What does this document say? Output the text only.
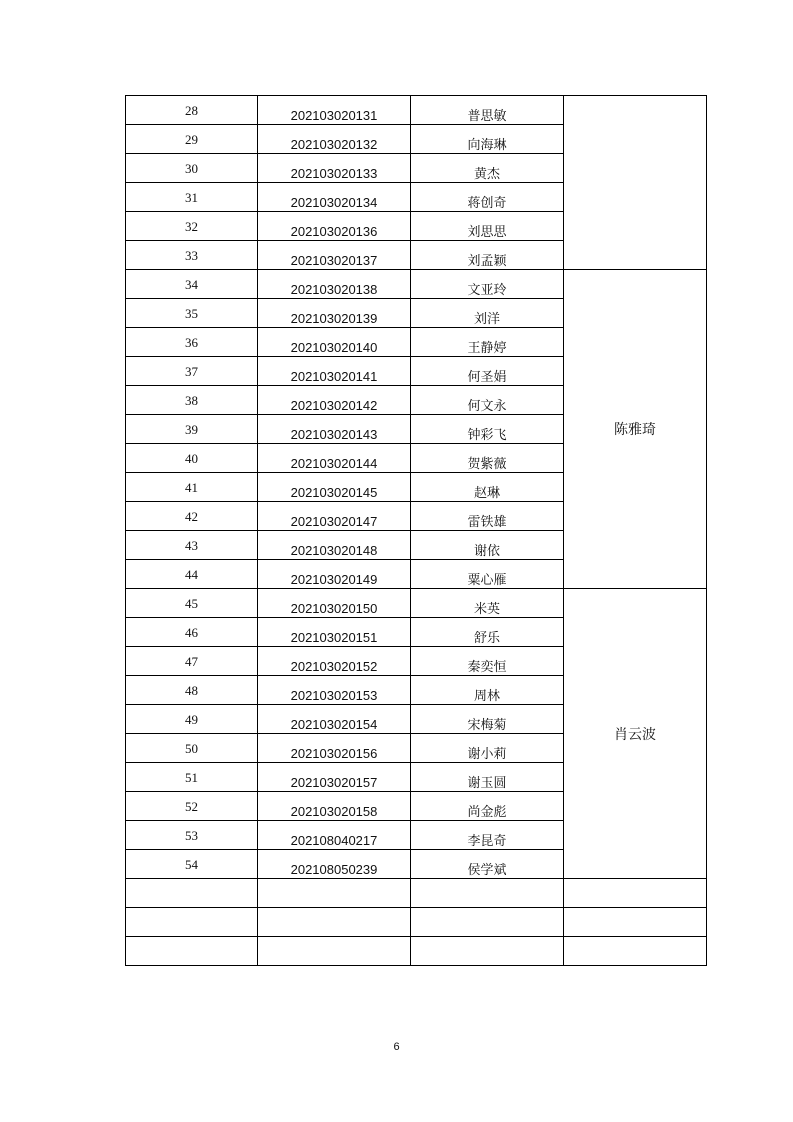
28	202103020131	普思敏	
29	202103020132	向海琳	
30	202103020133	黄杰	
31	202103020134	蒋创奇	
32	202103020136	刘思思	
33	202103020137	刘孟颖	
34	202103020138	文亚玲	陈雅琦
35	202103020139	刘洋	
36	202103020140	王静婷	
37	202103020141	何圣娟	
38	202103020142	何文永	
39	202103020143	钟彩飞	
40	202103020144	贺紫薇	
41	202103020145	赵琳	
42	202103020147	雷铁雄	
43	202103020148	谢依	
44	202103020149	粟心雁	
45	202103020150	米英	肖云波
46	202103020151	舒乐	
47	202103020152	秦奕恒	
48	202103020153	周林	
49	202103020154	宋梅菊	
50	202103020156	谢小莉	
51	202103020157	谢玉圆	
52	202103020158	尚金彪	
53	202108040217	李昆奇	
54	202108050239	侯学斌	

6
